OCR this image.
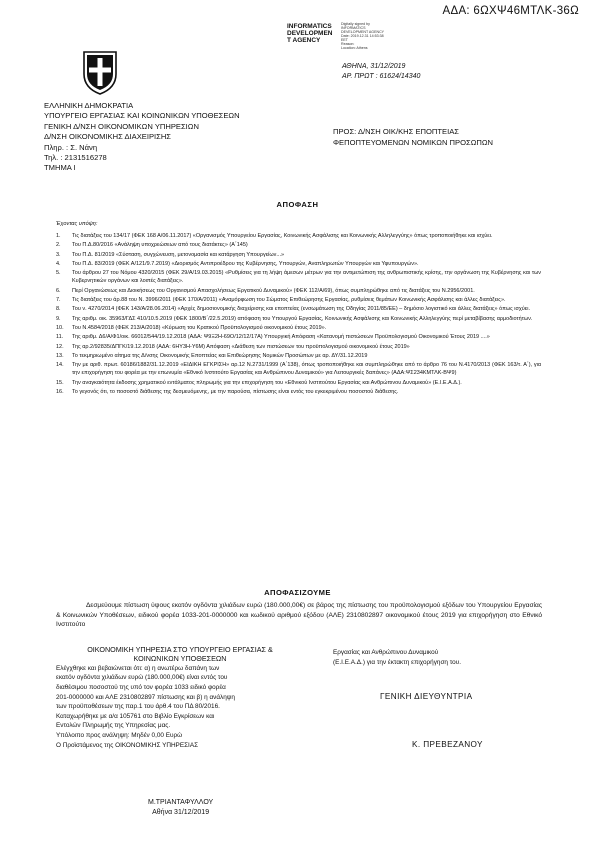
ΑΔΑ: 6ΩΧΨ46ΜΤΛΚ-36Ω
INFORMATICS
DEVELOPMEN
T AGENCY
Digitally signed by
INFORMATICS
DEVELOPMENT AGENCY
Date: 2019.12.31 14:53:38
EET
Reason:
Location: Athens
ΑΘΗΝΑ, 31/12/2019
ΑΡ. ΠΡΩΤ : 61624/14340
ΕΛΛΗΝΙΚΗ ΔΗΜΟΚΡΑΤΙΑ
ΥΠΟΥΡΓΕΙΟ ΕΡΓΑΣΙΑΣ ΚΑΙ ΚΟΙΝΩΝΙΚΩΝ ΥΠΟΘΕΣΕΩΝ
ΓΕΝΙΚΗ Δ/ΝΣΗ ΟΙΚΟΝΟΜΙΚΩΝ ΥΠΗΡΕΣΙΩΝ
Δ/ΝΣΗ ΟΙΚΟΝΟΜΙΚΗΣ ΔΙΑΧΕΙΡΙΣΗΣ
Πληρ. : Σ. Νάνη
Τηλ. : 2131516278
ΤΜΗΜΑ Ι
ΠΡΟΣ: Δ/ΝΣΗ ΟΙΚ/ΚΗΣ ΕΠΟΠΤΕΙΑΣ
ΦΕΠΟΠΤΕΥΟΜΕΝΩΝ ΝΟΜΙΚΩΝ ΠΡΟΣΩΠΩΝ
ΑΠΟΦΑΣΗ
Έχοντας υπόψη:
1.	Τις διατάξεις του 134/17 (ΦΕΚ 168 Α/06.11.2017) «Οργανισμός Υπουργείου Εργασίας, Κοινωνικής Ασφάλισης και Κοινωνικής Αλληλεγγύης» όπως τροποποιήθηκε και ισχύει.
2.	Του Π.Δ.80/2016 «Ανάληψη υποχρεώσεων από τους διατάκτες» (Α΄145)
3.	Του Π.Δ. 81/2019 «Σύσταση, συγχώνευση, μετονομασία και κατάργηση Υπουργείων...»
4.	Του Π.Δ. 83/2019 (ΦΕΚ Α/121/9.7.2019) «Διορισμός Αντιπροέδρου της Κυβέρνησης, Υπουργών, Αναπληρωτών Υπουργών και Υφυπουργών».
5.	Του άρθρου 27 του Νόμου 4320/2015 (ΦΕΚ 29/Α/19.03.2015) «Ρυθμίσεις για τη λήψη άμεσων μέτρων για την αντιμετώπιση της ανθρωπιστικής κρίσης, την οργάνωση της Κυβέρνησης και των Κυβερνητικών οργάνων και λοιπές διατάξεις».
6.	Περί Οργανώσεως και Διοικήσεως του Οργανισμού Απασχολήσεως Εργατικού Δυναμικού» (ΦΕΚ 112/Α/69), όπως συμπληρώθηκε από τις διατάξεις του Ν.2956/2001.
7.	Τις διατάξεις του άρ.88 του Ν. 3996/2011 (ΦΕΚ 170/Α/2011) «Αναμόρφωση του Σώματος Επιθεώρησης Εργασίας, ρυθμίσεις θεμάτων Κοινωνικής Ασφάλισης και άλλες διατάξεις».
8.	Του ν. 4270/2014 (ΦΕΚ 143/Α/28.06.2014) «Αρχές δημοσιονομικής διαχείρισης και εποπτείας (ενσωμάτωση της Οδηγίας 2011/85/ΕΕ) – δημόσιο λογιστικό και άλλες διατάξεις» όπως ισχύει.
9.	Της αριθμ. οικ. 35963/ΓΔΣ 410/10.5.2019 (ΦΕΚ 1800/Β΄/22.5.2019) απόφαση του Υπουργού Εργασίας, Κοινωνικής Ασφάλισης και Κοινωνικής Αλληλεγγύης περί μεταβίβασης αρμοδιοτήτων.
10.	Του Ν.4584/2018 (ΦΕΚ 213/Α/2018) «Κύρωση του Κρατικού Προϋπολογισμού οικονομικού έτους 2019».
11.	Της αριθμ. Δ6/Α/Φ1/οικ. 66012/544/19.12.2018 (ΑΔΑ: Ψ9Ξ2Η-69Ο/12/12/17Α) Υπουργική Απόφαση «Κατανομή πιστώσεων Προϋπολογισμού Οικονομικού Έτους 2019 ....»
12.	Της αρ.2/92835/ΔΠΓΚ/19.12.2018 (ΑΔΑ: 6ΗΥ3Η-Υ6Μ) Απόφαση «Διάθεση των πιστώσεων του προϋπολογισμού οικονομικού έτους 2019»
13.	Το τεκμηριωμένο αίτημα της Δ/νσης Οικονομικής Εποπτείας και Επιθεώρησης Νομικών Προσώπων με αρ. ΔΥ/31.12.2019
14.	Την με αριθ. πρωτ. 60186/1882/31.12.2019 «ΕΙΔΙΚΗ ΕΓΚΡΙΣΗ» αρ.12 Ν.2731/1999 (Α΄138), όπως τροποποιήθηκε και συμπληρώθηκε από το άρθρο 76 του Ν.4170/2013 (ΦΕΚ 163/τ. Α΄), για την επιχορήγηση του φορέα με την επωνυμία «Εθνικό Ινστιτούτο Εργασίας και Ανθρώπινου Δυναμικού» για Λειτουργικές δαπάνες» (ΑΔΑ:ΨΣ234ΚΜΤΛΚ-ΒΨ9)
15.	Την αναγκαιότητα έκδοσης χρηματικού εντάλματος πληρωμής για την επιχορήγηση του «Εθνικού Ινστιτούτου Εργασίας και Ανθρώπινου Δυναμικού» (Ε.Ι.Ε.Α.Δ.).
16.	Το γεγονός ότι, το ποσοστό διάθεσης της δεσμευόμενης, με την παρούσα, πίστωσης είναι εντός του εγκεκριμένου ποσοστού διάθεσης.
ΑΠΟΦΑΣΙΖΟΥΜΕ
Δεσμεύουμε πίστωση ύψους εκατόν ογδόντα χιλιάδων ευρώ (180.000,00€) σε βάρος της πίστωσης του προϋπολογισμού εξόδων του Υπουργείου Εργασίας & Κοινωνικών Υποθέσεων, ειδικού φορέα 1033-201-0000000 και κωδικού αριθμού εξόδου (ΑΛΕ) 2310802897 οικονομικού έτους 2019 για επιχορήγηση στο Εθνικό Ινστιτούτο
ΟΙΚΟΝΟΜΙΚΗ ΥΠΗΡΕΣΙΑ ΣΤΟ ΥΠΟΥΡΓΕΙΟ ΕΡΓΑΣΙΑΣ &
ΚΟΙΝΩΝΙΚΩΝ ΥΠΟΘΕΣΕΩΝ
Ελέγχθηκε και βεβαιώνεται ότι: α) η ανωτέρω δαπάνη των
εκατόν ογδόντα χιλιάδων ευρώ (180.000,00€) είναι εντός του
διαθέσιμου ποσοστού της υπό τον φορέα 1033 ειδικό φορέα
201-0000000 και ΑΛΕ 2310802897 πίστωσης και β) η ανάληψη
των προϋποθέσεων της παρ.1 του άρθ.4 του ΠΔ 80/2016.
Καταχωρήθηκε με α/α 105761 στο Βιβλίο Εγκρίσεων και
Εντολών Πληρωμής της Υπηρεσίας μας.
Υπόλοιπο προς ανάληψη: Μηδέν 0,00 Ευρώ
Ο Προϊστάμενος της ΟΙΚΟΝΟΜΙΚΗΣ ΥΠΗΡΕΣΙΑΣ
Εργασίας και Ανθρώπινου Δυναμικού
(Ε.Ι.Ε.Α.Δ.) για την έκτακτη επιχορήγηση του.
ΓΕΝΙΚΗ ΔΙΕΥΘΥΝΤΡΙΑ
Κ. ΠΡΕΒΕΖΑΝΟΥ
Μ.ΤΡΙΑΝΤΑΦΥΛΛΟΥ
Αθήνα 31/12/2019
